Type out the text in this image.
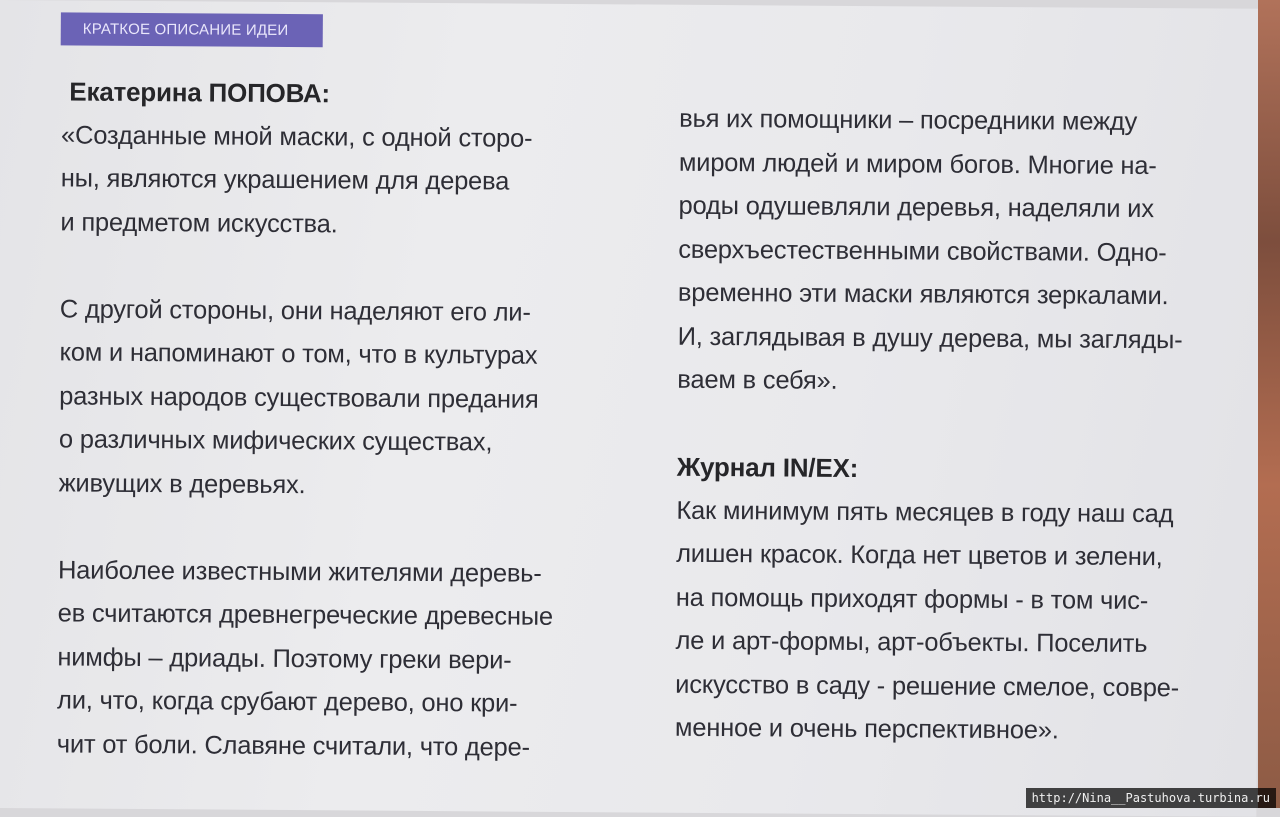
КРАТКОЕ ОПИСАНИЕ ИДЕИ
Екатерина ПОПОВА:
«Созданные мной маски, с одной сторо-
ны, являются украшением для дерева
и предметом искусства.
С другой стороны, они наделяют его ли-
ком и напоминают о том, что в культурах
разных народов существовали предания
о различных мифических существах,
живущих в деревьях.
Наиболее известными жителями деревь-
ев считаются древнегреческие древесные
нимфы – дриады. Поэтому греки вери-
ли, что, когда срубают дерево, оно кри-
чит от боли. Славяне считали, что дере-
вья их помощники – посредники между
миром людей и миром богов. Многие на-
роды одушевляли деревья, наделяли их
сверхъестественными свойствами. Одно-
временно эти маски являются зеркалами.
И, заглядывая в душу дерева, мы загляды-
ваем в себя».
Журнал IN/EX:
Как минимум пять месяцев в году наш сад
лишен красок. Когда нет цветов и зелени,
на помощь приходят формы - в том чис-
ле и арт-формы, арт-объекты. Поселить
искусство в саду - решение смелое, совре-
менное и очень перспективное».
http://Nina__Pastuhova.turbina.ru
